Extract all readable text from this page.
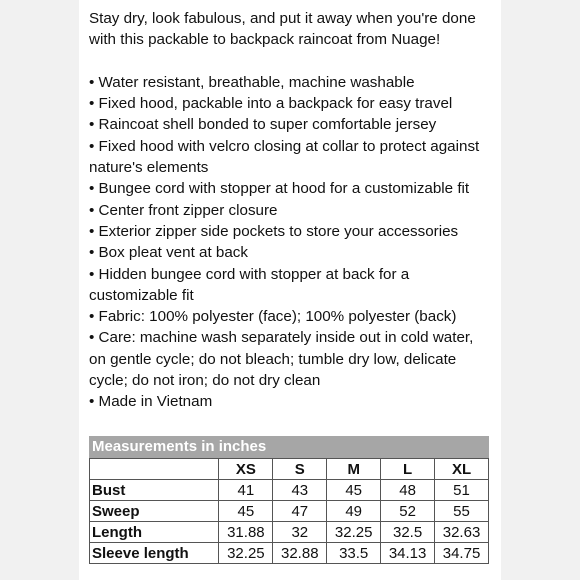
Stay dry, look fabulous, and put it away when you're done with this packable to backpack raincoat from Nuage!

• Water resistant, breathable, machine washable
• Fixed hood, packable into a backpack for easy travel
• Raincoat shell bonded to super comfortable jersey
• Fixed hood with velcro closing at collar to protect against nature's elements
• Bungee cord with stopper at hood for a customizable fit
• Center front zipper closure
• Exterior zipper side pockets to store your accessories
• Box pleat vent at back
• Hidden bungee cord with stopper at back for a customizable fit
• Fabric: 100% polyester (face); 100% polyester (back)
• Care: machine wash separately inside out in cold water, on gentle cycle; do not bleach; tumble dry low, delicate cycle; do not iron; do not dry clean
• Made in Vietnam
Measurements in inches
	XS	S	M	L	XL
Bust	41	43	45	48	51
Sweep	45	47	49	52	55
Length	31.88	32	32.25	32.5	32.63
Sleeve length	32.25	32.88	33.5	34.13	34.75
